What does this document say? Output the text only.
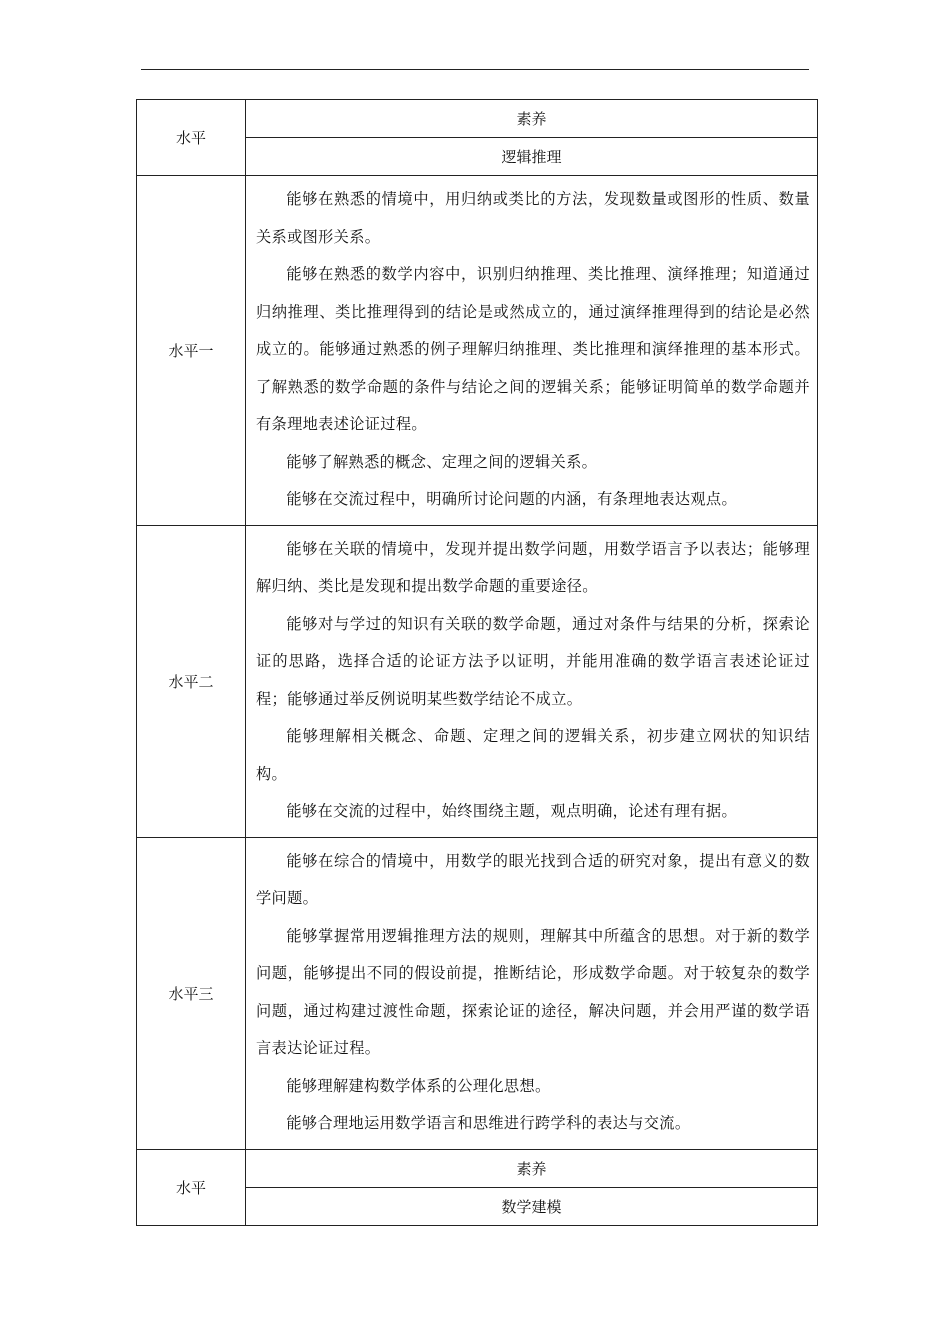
水平	素养
	逻辑推理
水平一	能够在熟悉的情境中，用归纳或类比的方法，发现数量或图形的性质、数量关系或图形关系。

能够在熟悉的数学内容中，识别归纳推理、类比推理、演绎推理；知道通过归纳推理、类比推理得到的结论是或然成立的，通过演绎推理得到的结论是必然成立的。能够通过熟悉的例子理解归纳推理、类比推理和演绎推理的基本形式。了解熟悉的数学命题的条件与结论之间的逻辑关系；能够证明简单的数学命题并有条理地表述论证过程。

能够了解熟悉的概念、定理之间的逻辑关系。

能够在交流过程中，明确所讨论问题的内涵，有条理地表达观点。

水平二	能够在关联的情境中，发现并提出数学问题，用数学语言予以表达；能够理解归纳、类比是发现和提出数学命题的重要途径。

能够对与学过的知识有关联的数学命题，通过对条件与结果的分析，探索论证的思路，选择合适的论证方法予以证明，并能用准确的数学语言表述论证过程；能够通过举反例说明某些数学结论不成立。

能够理解相关概念、命题、定理之间的逻辑关系，初步建立网状的知识结构。

能够在交流的过程中，始终围绕主题，观点明确，论述有理有据。

水平三	能够在综合的情境中，用数学的眼光找到合适的研究对象，提出有意义的数学问题。

能够掌握常用逻辑推理方法的规则，理解其中所蕴含的思想。对于新的数学问题，能够提出不同的假设前提，推断结论，形成数学命题。对于较复杂的数学问题，通过构建过渡性命题，探索论证的途径，解决问题，并会用严谨的数学语言表达论证过程。

能够理解建构数学体系的公理化思想。

能够合理地运用数学语言和思维进行跨学科的表达与交流。

水平	素养
	数学建模
